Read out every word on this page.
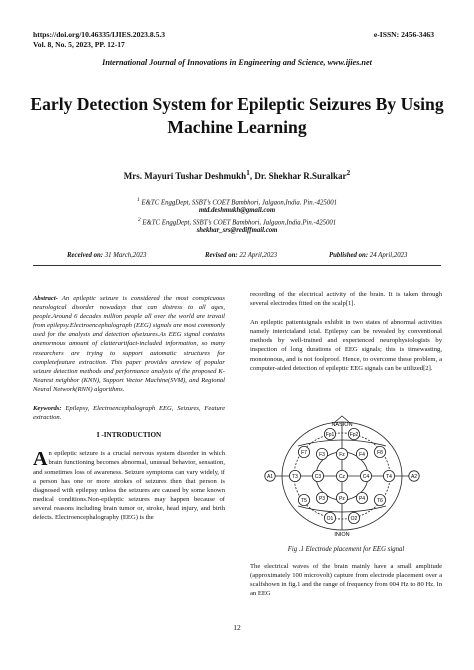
https://doi.org/10.46335/IJIES.2023.8.5.3
Vol. 8, No. 5, 2023, PP. 12-17
e-ISSN: 2456-3463
International Journal of Innovations in Engineering and Science, www.ijies.net
Early Detection System for Epileptic Seizures By Using Machine Learning
Mrs. Mayuri Tushar Deshmukh$^1$, Dr. Shekhar R.Suralkar$^2$
$^1$ E&TC EnggDept, SSBT’s COET Bambhori, Jalgaon,India. Pin.-425001
mtd.deshmukh@gmail.com
$^2$ E&TC EnggDept, SSBT’s COET Bambhori, Jalgaon,India.Pin.-425001
shekhar_srs@rediffmail.com
Received on: 31 March,2023	Revised on: 22 April,2023	Published on: 24 April,2023

Abstract- An epileptic seizure is considered the most conspicuous neurological disorder nowadays that can distress to all ages, people.Around 6 decades million people all over the world are travail from epilepsy.Electroencephalograph (EEG) signals are most commonly used for the analysis and detection ofseizures.As EEG signal contains anenormous amount of clatterartifact-included information, so many researchers are trying to support automatic structures for completefeature extraction. This paper provides areview of popular seizure detection methods and performance analysis of the proposed K-Nearest neighbor (KNN), Support Vector Machine(SVM), and Regional Neural Network(RNN) algorithms.

Keywords: Epilepsy, Electroencephalograph EEG, Seizures, Feature extraction.

I -INTRODUCTION

An epileptic seizure is a crucial nervous system disorder in which brain functioning becomes abnormal, unusual behavior, sensation, and sometimes loss of awareness. Seizure symptoms can vary widely, if a person has one or more strokes of seizures then that person is diagnosed with epilepsy unless the seizures are caused by some known medical conditions.Non-epileptic seizures may happen because of several reasons including brain tumor or, stroke, head injury, and birth defects. Electroencephalography (EEG) is the

recording of the electrical activity of the brain. It is taken through several electrodes fitted on the scalp[1].

An epileptic patientsignals exhibit in two states of abnormal activities namely interictaland ictal. Epilepsy can be revealed by conventional methods by well-trained and experienced neurophysiologists by inspection of long durations of EEG signals; this is timewasting, monotonous, and is not foolproof. Hence, to overcome these problem, a computer-aided detection of epileptic EEG signals can be utilized[2].

NASION
INION
Fp1	Fp2
F7 F3	Fz	F4 F8
A1	T3	C3	Cz	C4	T4	A2
T5 P3	Pz	P4 T6
O1	O2
Fig .1 Electrode placement for EEG signal
The electrical waves of the brain mainly have a small amplitude (approximately 100 microvolt) capture from electrode placement over a scalfshown in fig.1 and the range of frequency from 004 Hz to 80 Hz. In an EEG
12
